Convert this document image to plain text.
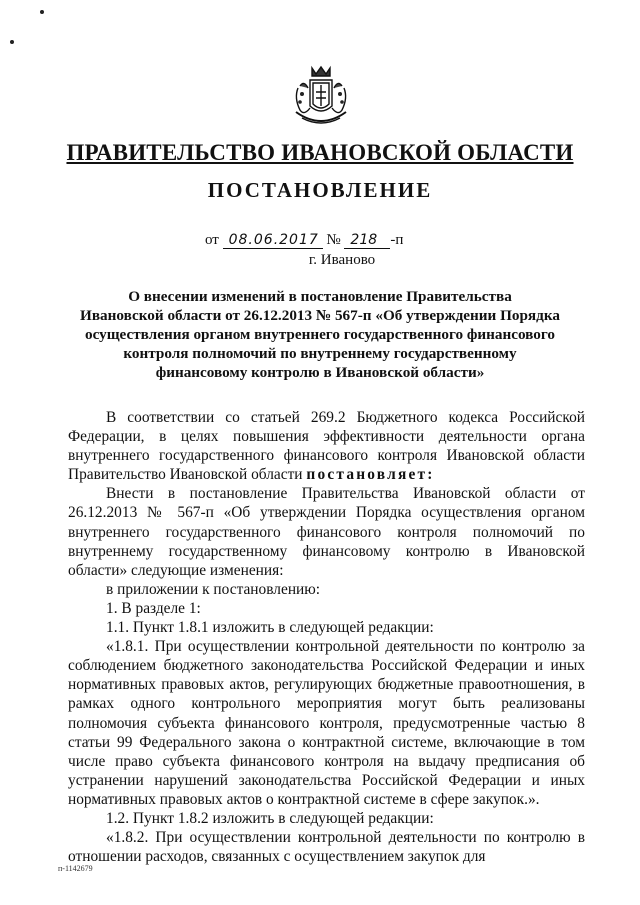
ПРАВИТЕЛЬСТВО ИВАНОВСКОЙ ОБЛАСТИ
ПОСТАНОВЛЕНИЕ
от 08.06.2017 № 218 -п
г. Иваново
О внесении изменений в постановление Правительства
Ивановской области от 26.12.2013 № 567-п «Об утверждении Порядка
осуществления органом внутреннего государственного финансового
контроля полномочий по внутреннему государственному
финансовому контролю в Ивановской области»

В соответствии со статьей 269.2 Бюджетного кодекса Российской Федерации, в целях повышения эффективности деятельности органа внутреннего государственного финансового контроля Ивановской области Правительство Ивановской области постановляет:

Внести в постановление Правительства Ивановской области от 26.12.2013 № 567-п «Об утверждении Порядка осуществления органом внутреннего государственного финансового контроля полномочий по внутреннему государственному финансовому контролю в Ивановской области» следующие изменения:

в приложении к постановлению:

1. В разделе 1:

1.1. Пункт 1.8.1 изложить в следующей редакции:

«1.8.1. При осуществлении контрольной деятельности по контролю за соблюдением бюджетного законодательства Российской Федерации и иных нормативных правовых актов, регулирующих бюджетные правоотношения, в рамках одного контрольного мероприятия могут быть реализованы полномочия субъекта финансового контроля, предусмотренные частью 8 статьи 99 Федерального закона о контрактной системе, включающие в том числе право субъекта финансового контроля на выдачу предписания об устранении нарушений законодательства Российской Федерации и иных нормативных правовых актов о контрактной системе в сфере закупок.».

1.2. Пункт 1.8.2 изложить в следующей редакции:

«1.8.2. При осуществлении контрольной деятельности по контролю в отношении расходов, связанных с осуществлением закупок для

п-1142679
